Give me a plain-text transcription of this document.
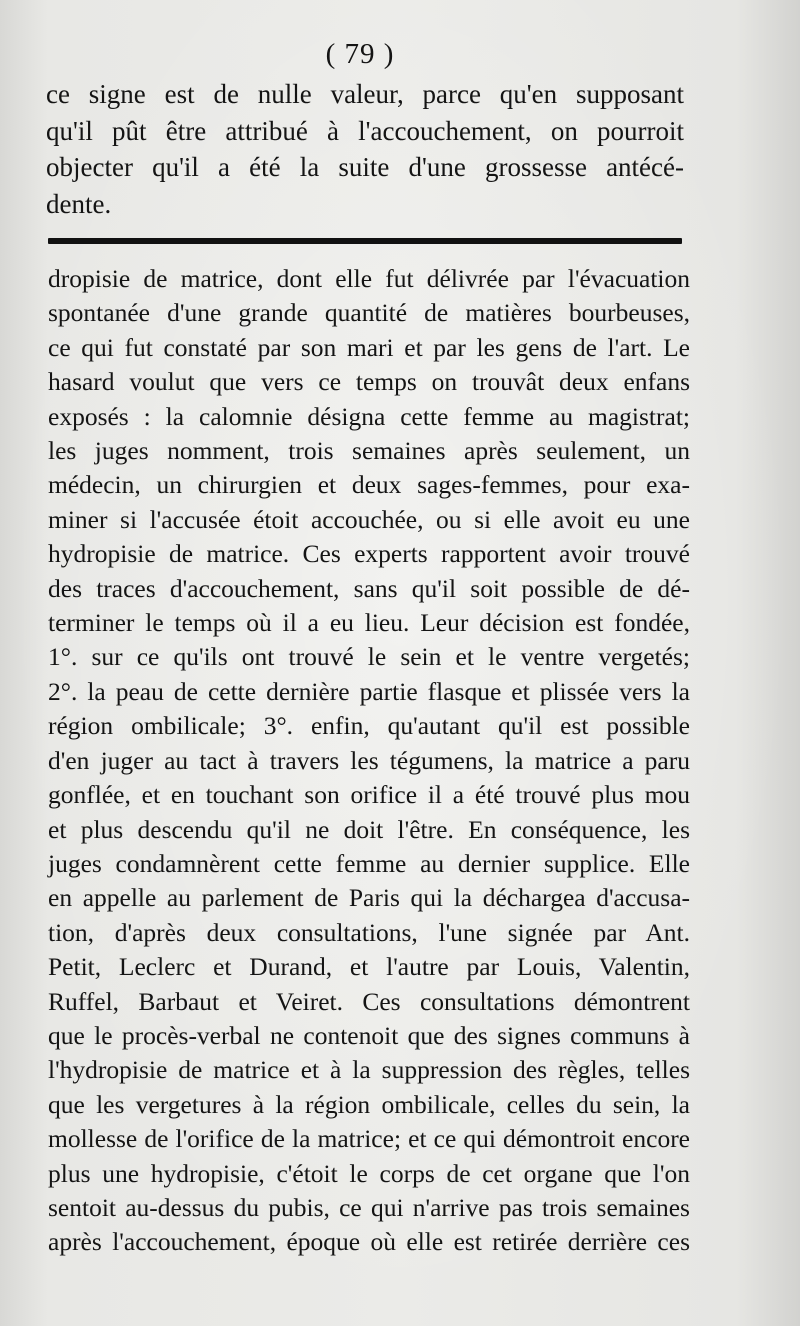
( 79 )
ce signe est de nulle valeur, parce qu'en supposant
qu'il pût être attribué à l'accouchement, on pourroit
objecter qu'il a été la suite d'une grossesse antécé-
dente.
dropisie de matrice, dont elle fut délivrée par l'évacuation
spontanée d'une grande quantité de matières bourbeuses,
ce qui fut constaté par son mari et par les gens de l'art. Le
hasard voulut que vers ce temps on trouvât deux enfans
exposés : la calomnie désigna cette femme au magistrat;
les juges nomment, trois semaines après seulement, un
médecin, un chirurgien et deux sages-femmes, pour exa-
miner si l'accusée étoit accouchée, ou si elle avoit eu une
hydropisie de matrice. Ces experts rapportent avoir trouvé
des traces d'accouchement, sans qu'il soit possible de dé-
terminer le temps où il a eu lieu. Leur décision est fondée,
1°. sur ce qu'ils ont trouvé le sein et le ventre vergetés;
2°. la peau de cette dernière partie flasque et plissée vers la
région ombilicale; 3°. enfin, qu'autant qu'il est possible
d'en juger au tact à travers les tégumens, la matrice a paru
gonflée, et en touchant son orifice il a été trouvé plus mou
et plus descendu qu'il ne doit l'être. En conséquence, les
juges condamnèrent cette femme au dernier supplice. Elle
en appelle au parlement de Paris qui la déchargea d'accusa-
tion, d'après deux consultations, l'une signée par Ant.
Petit, Leclerc et Durand, et l'autre par Louis, Valentin,
Ruffel, Barbaut et Veiret. Ces consultations démontrent
que le procès-verbal ne contenoit que des signes communs à
l'hydropisie de matrice et à la suppression des règles, telles
que les vergetures à la région ombilicale, celles du sein, la
mollesse de l'orifice de la matrice; et ce qui démontroit encore
plus une hydropisie, c'étoit le corps de cet organe que l'on
sentoit au-dessus du pubis, ce qui n'arrive pas trois semaines
après l'accouchement, époque où elle est retirée derrière ces
